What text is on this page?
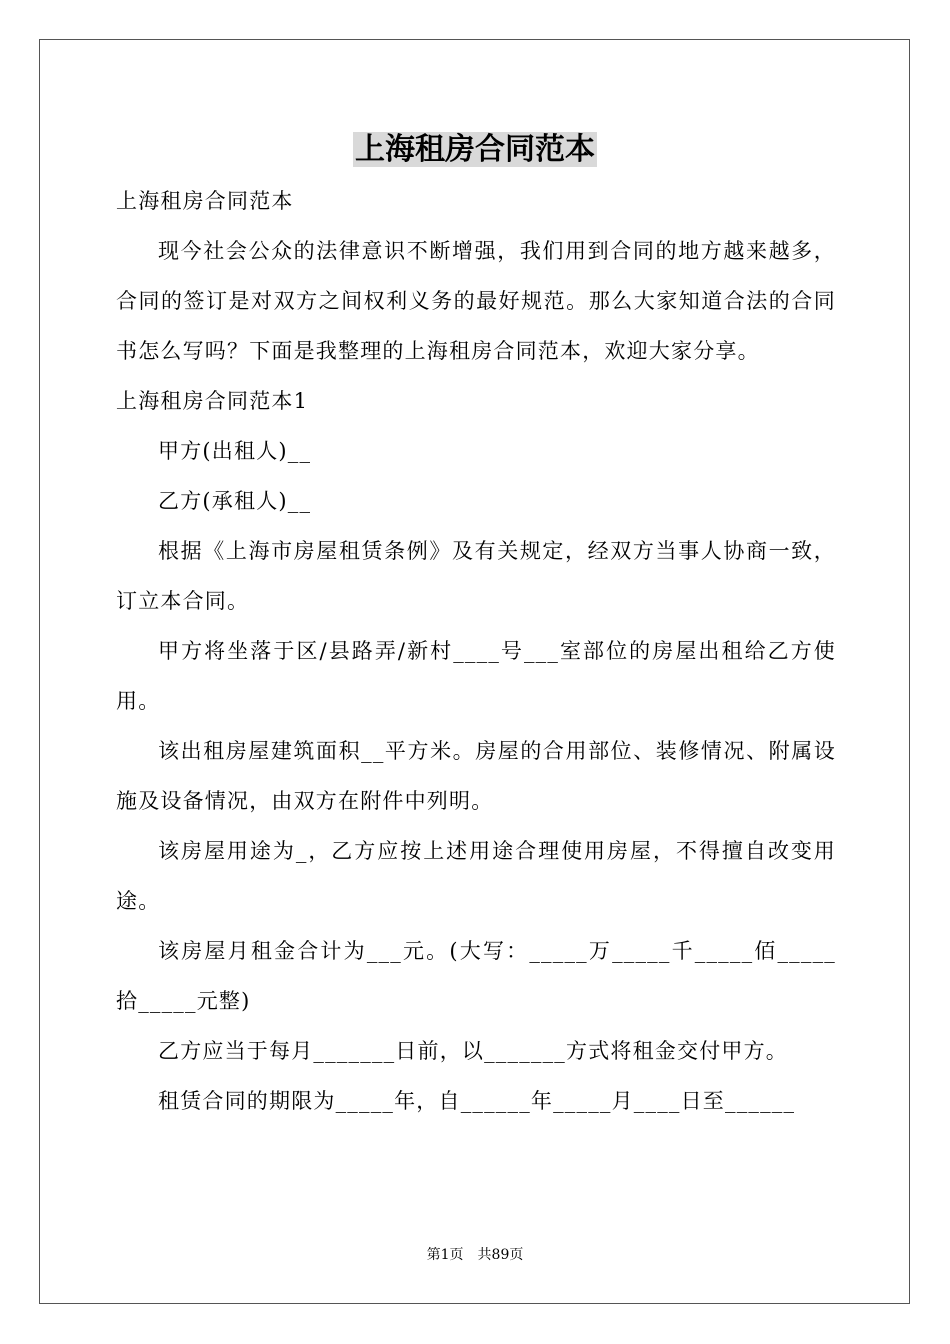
上海租房合同范本

上海租房合同范本

现今社会公众的法律意识不断增强，我们用到合同的地方越来越多，合同的签订是对双方之间权利义务的最好规范。那么大家知道合法的合同书怎么写吗？下面是我整理的上海租房合同范本，欢迎大家分享。

上海租房合同范本1

甲方(出租人)__

乙方(承租人)__

根据《上海市房屋租赁条例》及有关规定，经双方当事人协商一致，订立本合同。

甲方将坐落于区/县路弄/新村____号___室部位的房屋出租给乙方使用。

该出租房屋建筑面积__平方米。房屋的合用部位、装修情况、附属设施及设备情况，由双方在附件中列明。

该房屋用途为_，乙方应按上述用途合理使用房屋，不得擅自改变用途。

该房屋月租金合计为___元。(大写：_____万_____千_____佰_____拾_____元整)

乙方应当于每月_______日前，以_______方式将租金交付甲方。

租赁合同的期限为_____年，自______年_____月____日至______

第1页　共89页
